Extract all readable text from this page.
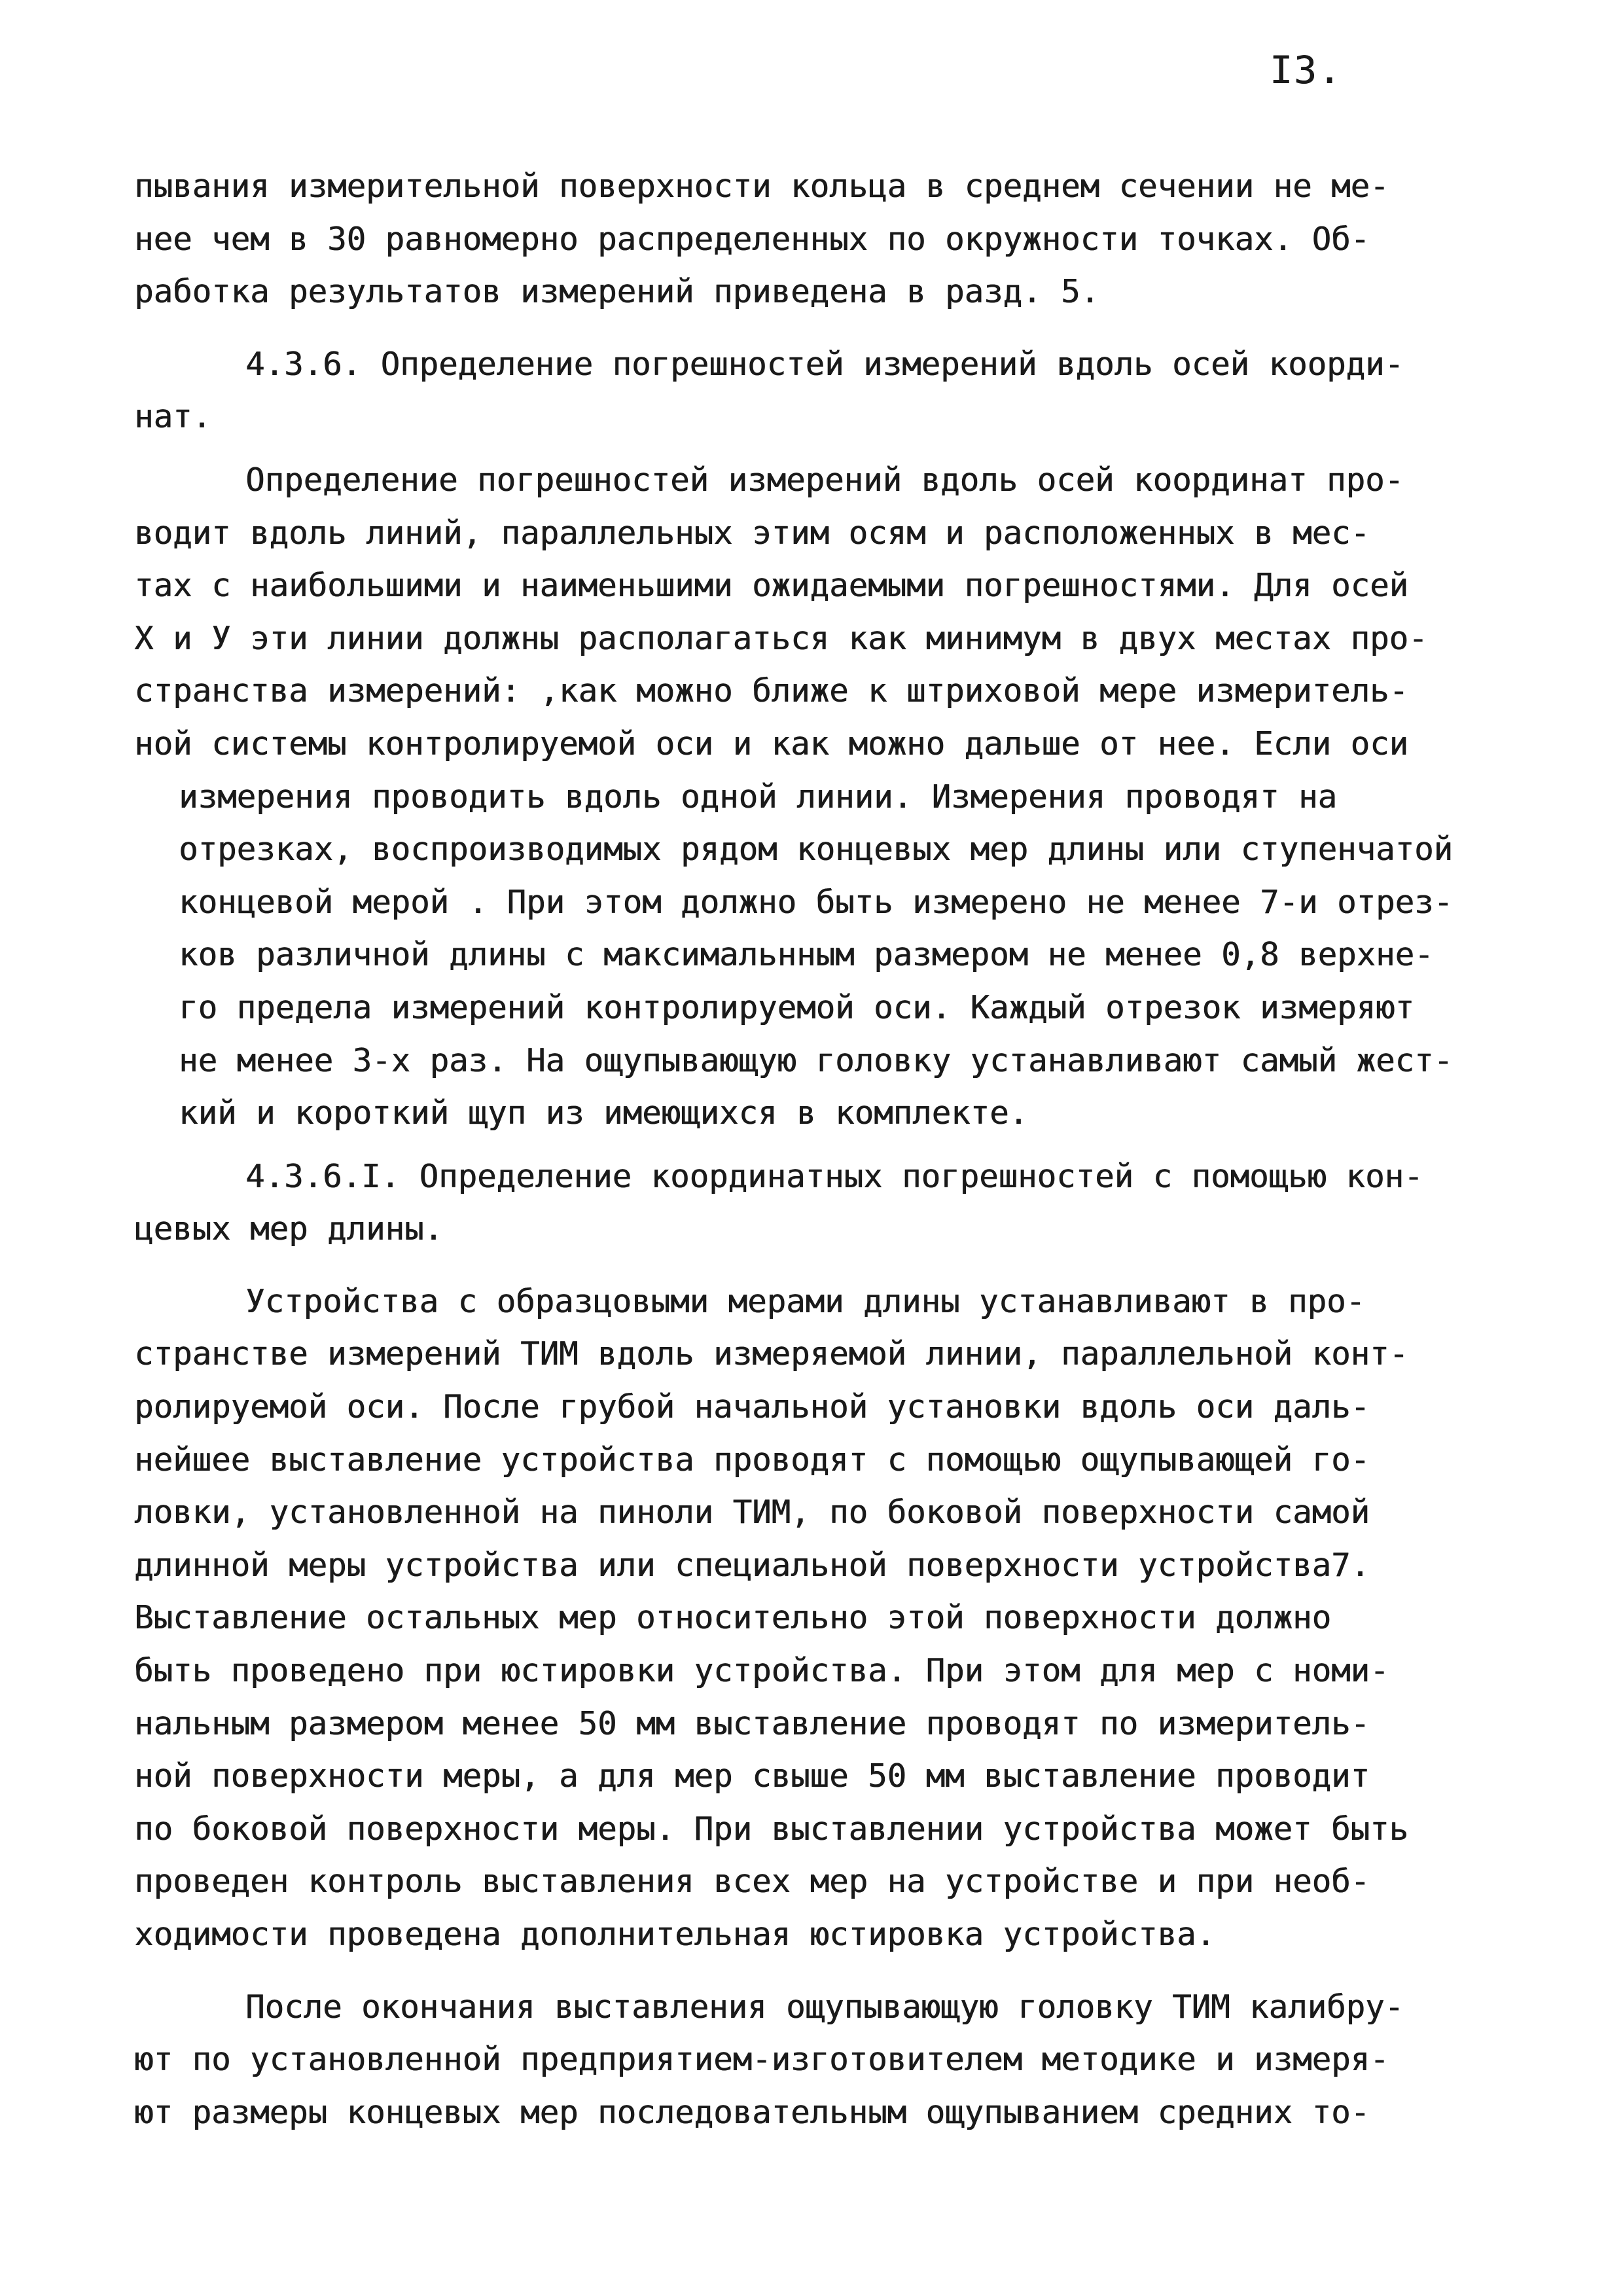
I3.
пывания измерительной поверхности кольца в среднем сечении не ме-
нее чем в 30 равномерно распределенных по окружности точках. Об-
работка результатов измерений приведена в разд. 5.
4.3.6. Определение погрешностей измерений вдоль осей коорди-
нат.
Определение погрешностей измерений вдоль осей координат про-
водит вдоль линий, параллельных этим осям и расположенных в мес-
тах с наибольшими и наименьшими ожидаемыми погрешностями. Для осей
Х и У эти линии должны располагаться как минимум в двух местах про-
странства измерений: ,как можно ближе к штриховой мере измеритель-
ной системы контролируемой оси и как можно дальше от нее. Если оси
измерения проводить вдоль одной линии. Измерения проводят на
отрезках, воспроизводимых рядом концевых мер длины или ступенчатой
концевой мерой . При этом должно быть измерено не менее 7-и отрез-
ков различной длины с максимальнным размером не менее 0,8 верхне-
го предела измерений контролируемой оси. Каждый отрезок измеряют
не менее 3-х раз. На ощупывающую головку устанавливают самый жест-
кий и короткий щуп из имеющихся в комплекте.
4.3.6.I. Определение координатных погрешностей с помощью кон-
цевых мер длины.
Устройства с образцовыми мерами длины устанавливают в про-
странстве измерений ТИМ вдоль измеряемой линии, параллельной конт-
ролируемой оси. После грубой начальной установки вдоль оси даль-
нейшее выставление устройства проводят с помощью ощупывающей го-
ловки, установленной на пиноли ТИМ, по боковой поверхности самой
длинной меры устройства или специальной поверхности устройства7.
Выставление остальных мер относительно этой поверхности должно
быть проведено при юстировки устройства. При этом для мер с номи-
нальным размером менее 50 мм выставление проводят по измеритель-
ной поверхности меры, а для мер свыше 50 мм выставление проводит
по боковой поверхности меры. При выставлении устройства может быть
проведен контроль выставления всех мер на устройстве и при необ-
ходимости проведена дополнительная юстировка устройства.
После окончания выставления ощупывающую головку ТИМ калибру-
ют по установленной предприятием-изготовителем методике и измеря-
ют размеры концевых мер последовательным ощупыванием средних то-
